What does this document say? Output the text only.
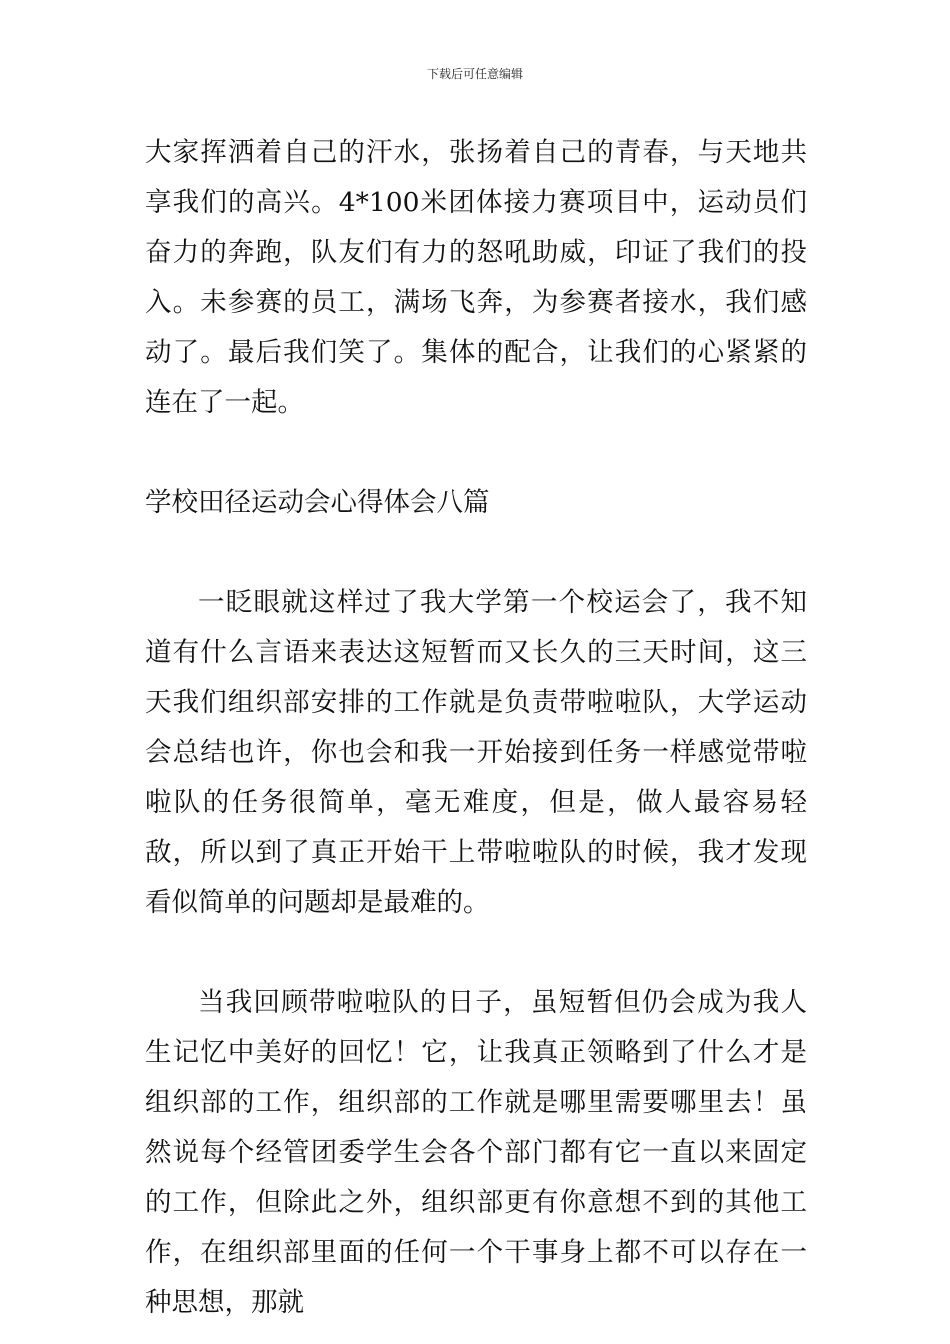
下载后可任意编辑

大家挥洒着自己的汗水，张扬着自己的青春，与天地共享我们的高兴。4*100米团体接力赛项目中，运动员们奋力的奔跑，队友们有力的怒吼助威，印证了我们的投入。未参赛的员工，满场飞奔，为参赛者接水，我们感动了。最后我们笑了。集体的配合，让我们的心紧紧的连在了一起。

学校田径运动会心得体会八篇

一眨眼就这样过了我大学第一个校运会了，我不知道有什么言语来表达这短暂而又长久的三天时间，这三天我们组织部安排的工作就是负责带啦啦队，大学运动会总结也许，你也会和我一开始接到任务一样感觉带啦啦队的任务很简单，毫无难度，但是，做人最容易轻敌，所以到了真正开始干上带啦啦队的时候，我才发现看似简单的问题却是最难的。

当我回顾带啦啦队的日子，虽短暂但仍会成为我人生记忆中美好的回忆！它，让我真正领略到了什么才是组织部的工作，组织部的工作就是哪里需要哪里去！虽然说每个经管团委学生会各个部门都有它一直以来固定的工作，但除此之外，组织部更有你意想不到的其他工作，在组织部里面的任何一个干事身上都不可以存在一种思想，那就
